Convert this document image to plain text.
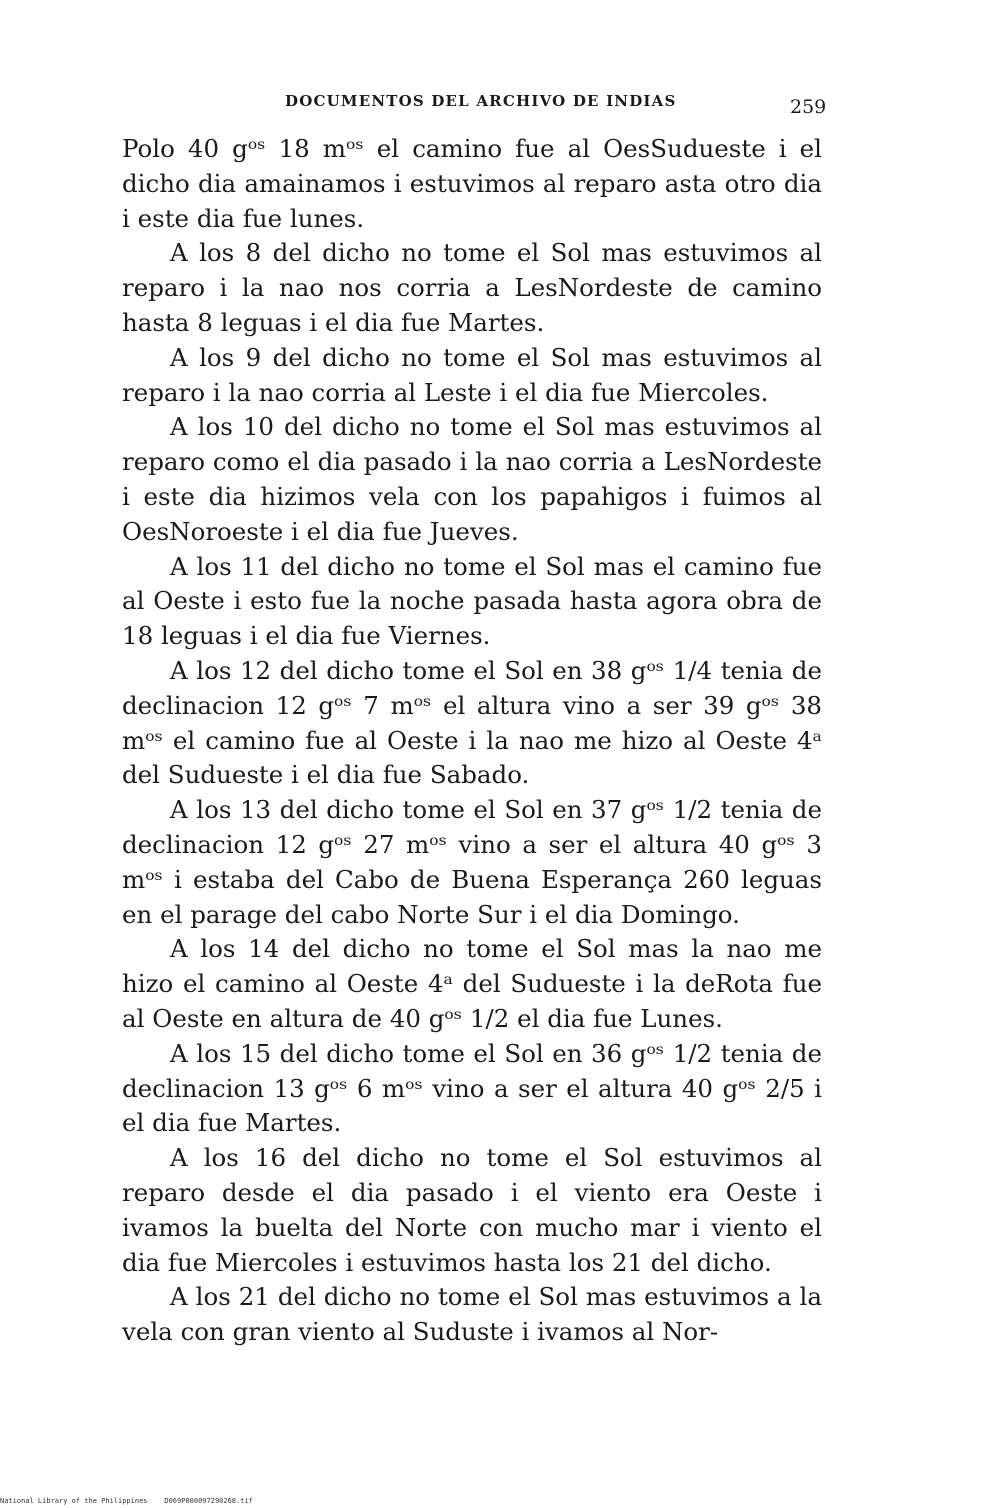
DOCUMENTOS DEL ARCHIVO DE INDIAS	259

Polo 40 gᵒˢ 18 mᵒˢ el camino fue al OesSudueste i el dicho dia amainamos i estuvimos al reparo asta otro dia i este dia fue lunes.

A los 8 del dicho no tome el Sol mas estuvimos al reparo i la nao nos corria a LesNordeste de camino hasta 8 leguas i el dia fue Martes.

A los 9 del dicho no tome el Sol mas estuvimos al reparo i la nao corria al Leste i el dia fue Miercoles.

A los 10 del dicho no tome el Sol mas estuvimos al reparo como el dia pasado i la nao corria a LesNordeste i este dia hizimos vela con los papahigos i fuimos al OesNoroeste i el dia fue Jueves.

A los 11 del dicho no tome el Sol mas el camino fue al Oeste i esto fue la noche pasada hasta agora obra de 18 leguas i el dia fue Viernes.

A los 12 del dicho tome el Sol en 38 gᵒˢ 1/4 tenia de declinacion 12 gᵒˢ 7 mᵒˢ el altura vino a ser 39 gᵒˢ 38 mᵒˢ el camino fue al Oeste i la nao me hizo al Oeste 4ᵃ del Sudueste i el dia fue Sabado.

A los 13 del dicho tome el Sol en 37 gᵒˢ 1/2 tenia de declinacion 12 gᵒˢ 27 mᵒˢ vino a ser el altura 40 gᵒˢ 3 mᵒˢ i estaba del Cabo de Buena Esperança 260 leguas en el parage del cabo Norte Sur i el dia Domingo.

A los 14 del dicho no tome el Sol mas la nao me hizo el camino al Oeste 4ᵃ del Sudueste i la deRota fue al Oeste en altura de 40 gᵒˢ 1/2 el dia fue Lunes.

A los 15 del dicho tome el Sol en 36 gᵒˢ 1/2 tenia de declinacion 13 gᵒˢ 6 mᵒˢ vino a ser el altura 40 gᵒˢ 2/5 i el dia fue Martes.

A los 16 del dicho no tome el Sol estuvimos al reparo desde el dia pasado i el viento era Oeste i ivamos la buelta del Norte con mucho mar i viento el dia fue Miercoles i estuvimos hasta los 21 del dicho.

A los 21 del dicho no tome el Sol mas estuvimos a la vela con gran viento al Suduste i ivamos al Nor-

National Library of the Philippines D069P000097290268.tif
